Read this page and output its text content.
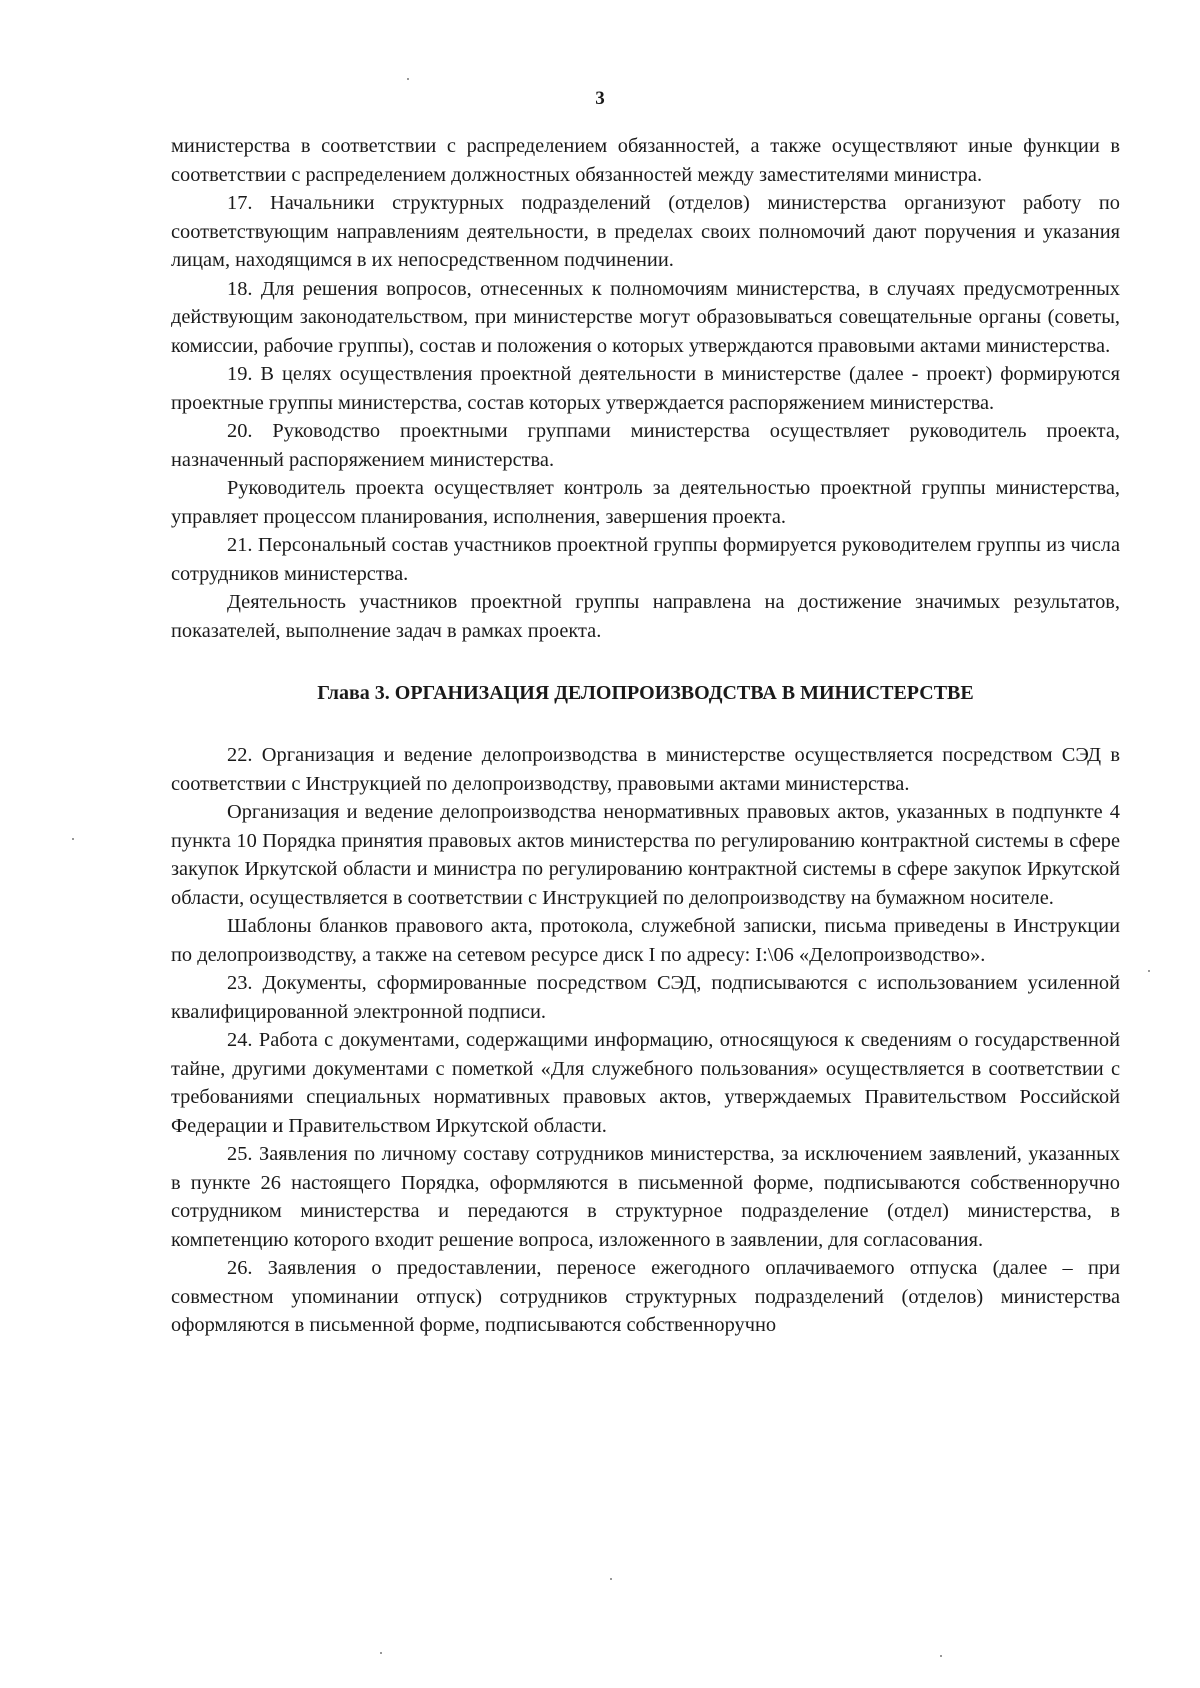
3

министерства в соответствии с распределением обязанностей, а также осуществляют иные функции в соответствии с распределением должностных обязанностей между заместителями министра.

17. Начальники структурных подразделений (отделов) министерства организуют работу по соответствующим направлениям деятельности, в пределах своих полномочий дают поручения и указания лицам, находящимся в их непосредственном подчинении.

18. Для решения вопросов, отнесенных к полномочиям министерства, в случаях предусмотренных действующим законодательством, при министерстве могут образовываться совещательные органы (советы, комиссии, рабочие группы), состав и положения о которых утверждаются правовыми актами министерства.

19. В целях осуществления проектной деятельности в министерстве (далее - проект) формируются проектные группы министерства, состав которых утверждается распоряжением министерства.

20. Руководство проектными группами министерства осуществляет руководитель проекта, назначенный распоряжением министерства.

Руководитель проекта осуществляет контроль за деятельностью проектной группы министерства, управляет процессом планирования, исполнения, завершения проекта.

21. Персональный состав участников проектной группы формируется руководителем группы из числа сотрудников министерства.

Деятельность участников проектной группы направлена на достижение значимых результатов, показателей, выполнение задач в рамках проекта.

Глава 3. ОРГАНИЗАЦИЯ ДЕЛОПРОИЗВОДСТВА В МИНИСТЕРСТВЕ

22. Организация и ведение делопроизводства в министерстве осуществляется посредством СЭД в соответствии с Инструкцией по делопроизводству, правовыми актами министерства.

Организация и ведение делопроизводства ненормативных правовых актов, указанных в подпункте 4 пункта 10 Порядка принятия правовых актов министерства по регулированию контрактной системы в сфере закупок Иркутской области и министра по регулированию контрактной системы в сфере закупок Иркутской области, осуществляется в соответствии с Инструкцией по делопроизводству на бумажном носителе.

Шаблоны бланков правового акта, протокола, служебной записки, письма приведены в Инструкции по делопроизводству, а также на сетевом ресурсе диск I по адресу: I:\06 «Делопроизводство».

23. Документы, сформированные посредством СЭД, подписываются с использованием усиленной квалифицированной электронной подписи.

24. Работа с документами, содержащими информацию, относящуюся к сведениям о государственной тайне, другими документами с пометкой «Для служебного пользования» осуществляется в соответствии с требованиями специальных нормативных правовых актов, утверждаемых Правительством Российской Федерации и Правительством Иркутской области.

25. Заявления по личному составу сотрудников министерства, за исключением заявлений, указанных в пункте 26 настоящего Порядка, оформляются в письменной форме, подписываются собственноручно сотрудником министерства и передаются в структурное подразделение (отдел) министерства, в компетенцию которого входит решение вопроса, изложенного в заявлении, для согласования.

26. Заявления о предоставлении, переносе ежегодного оплачиваемого отпуска (далее – при совместном упоминании отпуск) сотрудников структурных подразделений (отделов) министерства оформляются в письменной форме, подписываются собственноручно
